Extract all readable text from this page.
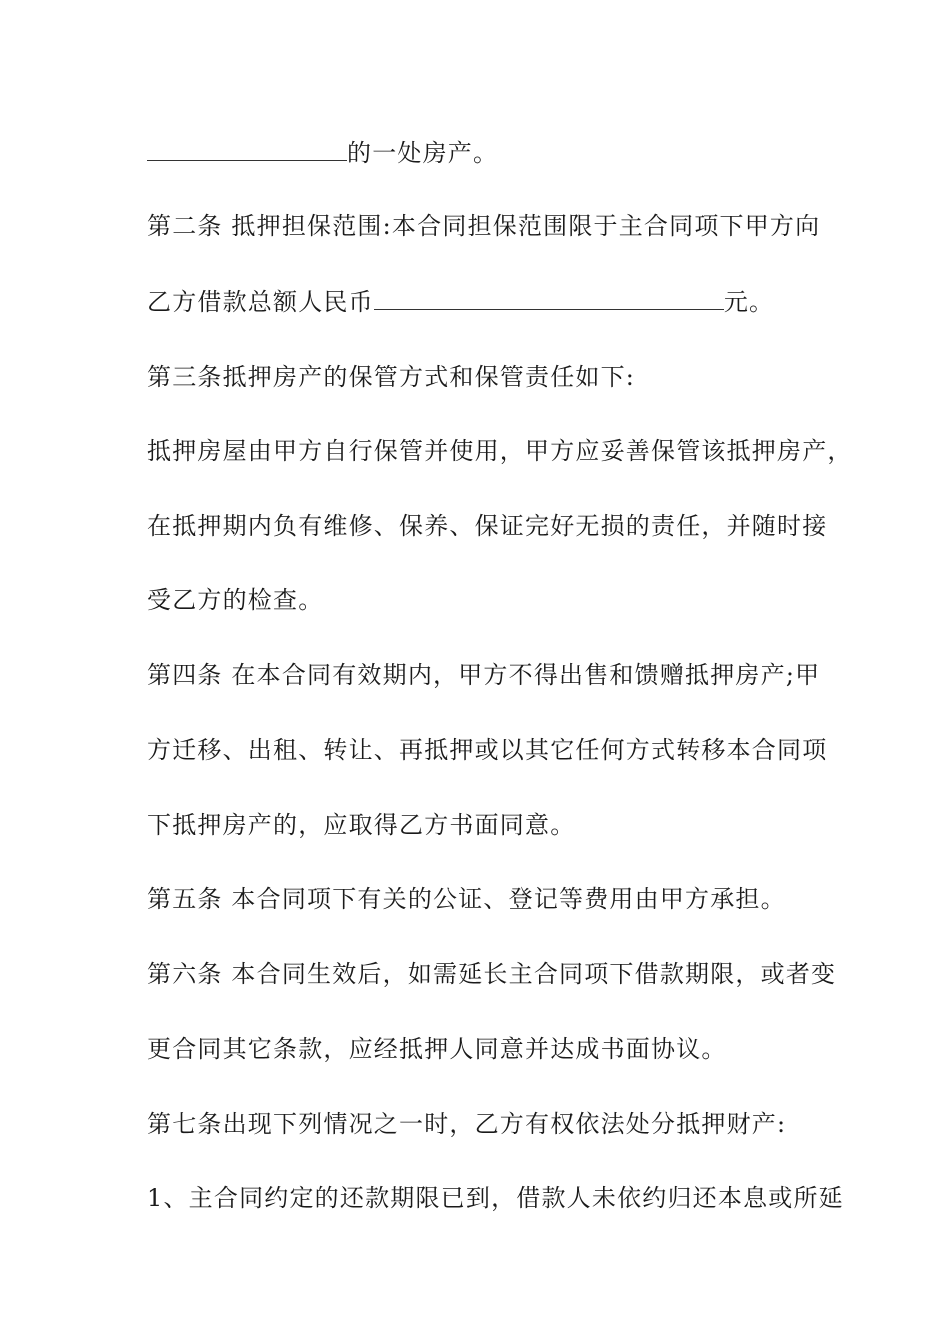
的一处房产。
第二条 抵押担保范围:本合同担保范围限于主合同项下甲方向
乙方借款总额人民币	元。
第三条抵押房产的保管方式和保管责任如下:
抵押房屋由甲方自行保管并使用，甲方应妥善保管该抵押房产，
在抵押期内负有维修、保养、保证完好无损的责任，并随时接
受乙方的检查。
第四条 在本合同有效期内，甲方不得出售和馈赠抵押房产;甲
方迁移、出租、转让、再抵押或以其它任何方式转移本合同项
下抵押房产的，应取得乙方书面同意。
第五条 本合同项下有关的公证、登记等费用由甲方承担。
第六条 本合同生效后，如需延长主合同项下借款期限，或者变
更合同其它条款，应经抵押人同意并达成书面协议。
第七条出现下列情况之一时，乙方有权依法处分抵押财产:
1、主合同约定的还款期限已到，借款人未依约归还本息或所延
